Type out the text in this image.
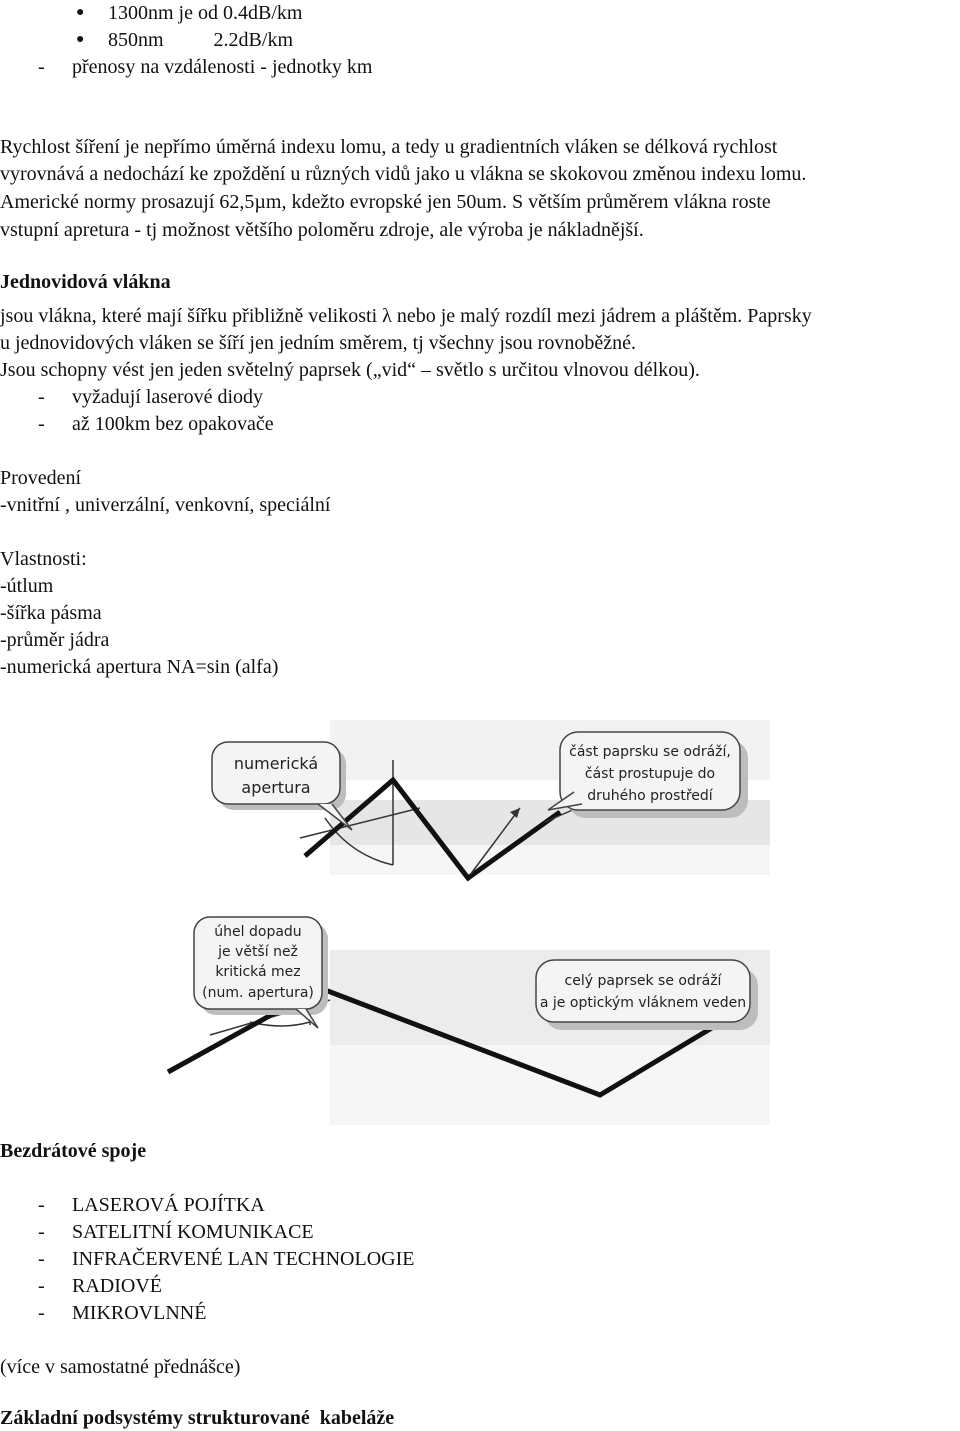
● 1300nm je od 0.4dB/km
● 850nm          2.2dB/km
- přenosy na vzdálenosti - jednotky km
Rychlost šíření je nepřímo úměrná indexu lomu, a tedy u gradientních vláken se délková rychlost
vyrovnává a nedochází ke zpoždění u různých vidů jako u vlákna se skokovou změnou indexu lomu.
Americké normy prosazují 62,5µm, kdežto evropské jen 50um. S větším průměrem vlákna roste
vstupní apretura - tj možnost většího poloměru zdroje, ale výroba je nákladnější.
Jednovidová vlákna
jsou vlákna, které mají šířku přibližně velikosti λ nebo je malý rozdíl mezi jádrem a pláštěm. Paprsky
u jednovidových vláken se šíří jen jedním směrem, tj všechny jsou rovnoběžné.
Jsou schopny vést jen jeden světelný paprsek („vid“ – světlo s určitou vlnovou délkou).
- vyžadují laserové diody
- až 100km bez opakovače
Provedení
-vnitřní , univerzální, venkovní, speciální
Vlastnosti:
-útlum
-šířka pásma
-průměr jádra
-numerická apertura NA=sin (alfa)
numerická
apertura
část paprsku se odráží,
část prostupuje do
druhého prostředí
úhel dopadu
je větší než
kritická mez
(num. apertura)
celý paprsek se odráží
a je optickým vláknem veden
Bezdrátové spoje
- LASEROVÁ POJÍTKA
- SATELITNÍ KOMUNIKACE
- INFRAČERVENÉ LAN TECHNOLOGIE
- RADIOVÉ
- MIKROVLNNÉ
(více v samostatné přednášce)
Základní podsystémy strukturované  kabeláže
